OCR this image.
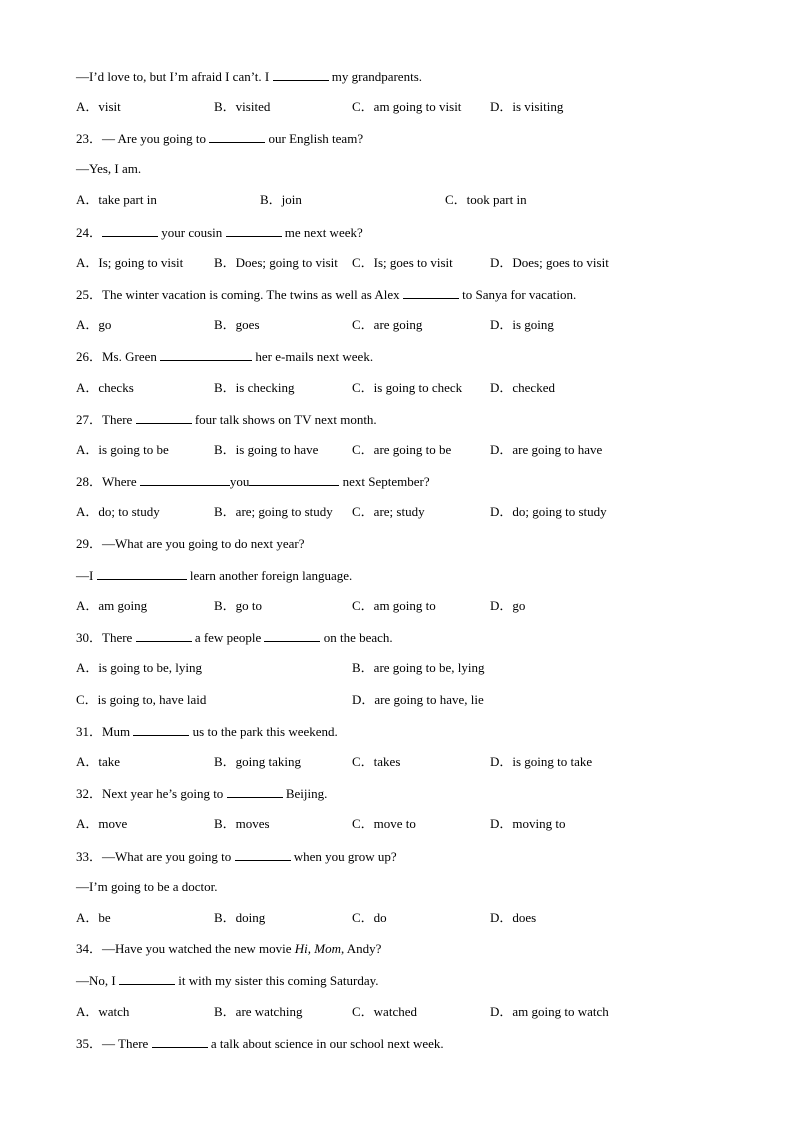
—I’d love to, but I’m afraid I can’t. I	my grandparents.
A．visit	B．visited	C．am going to visit D．is visiting
23．— Are you going to	our English team?
—Yes, I am.
A．take part in	B．join	C．took part in
24．	your cousin	me next week?
A．Is; going to visit B．Does; going to visit C．Is; goes to visit	D．Does; goes to visit
25．The winter vacation is coming. The twins as well as Alex	to Sanya for vacation.
A．go	B．goes	C．are going	D．is going
26．Ms. Green	her e-mails next week.
A．checks	B．is checking	C．is going to check D．checked
27．There	four talk shows on TV next month.
A．is going to be	B．is going to have	C．are going to be	D．are going to have
28．Where	you	next September?
A．do; to study	B．are; going to study C．are; study	D．do; going to study
29．—What are you going to do next year?
—I	learn another foreign language.
A．am going	B．go to	C．am going to	D．go
30．There	a few people	on the beach.
A．is going to be, lying	B．are going to be, lying
C．is going to, have laid	D．are going to have, lie
31．Mum	us to the park this weekend.
A．take	B．going taking	C．takes	D．is going to take
32．Next year he’s going to	Beijing.
A．move	B．moves	C．move to	D．moving to
33．—What are you going to	when you grow up?
—I’m going to be a doctor.
A．be	B．doing	C．do	D．does
34．—Have you watched the new movie Hi, Mom, Andy?
—No, I	it with my sister this coming Saturday.
A．watch	B．are watching	C．watched	D．am going to watch
35．— There	a talk about science in our school next week.
